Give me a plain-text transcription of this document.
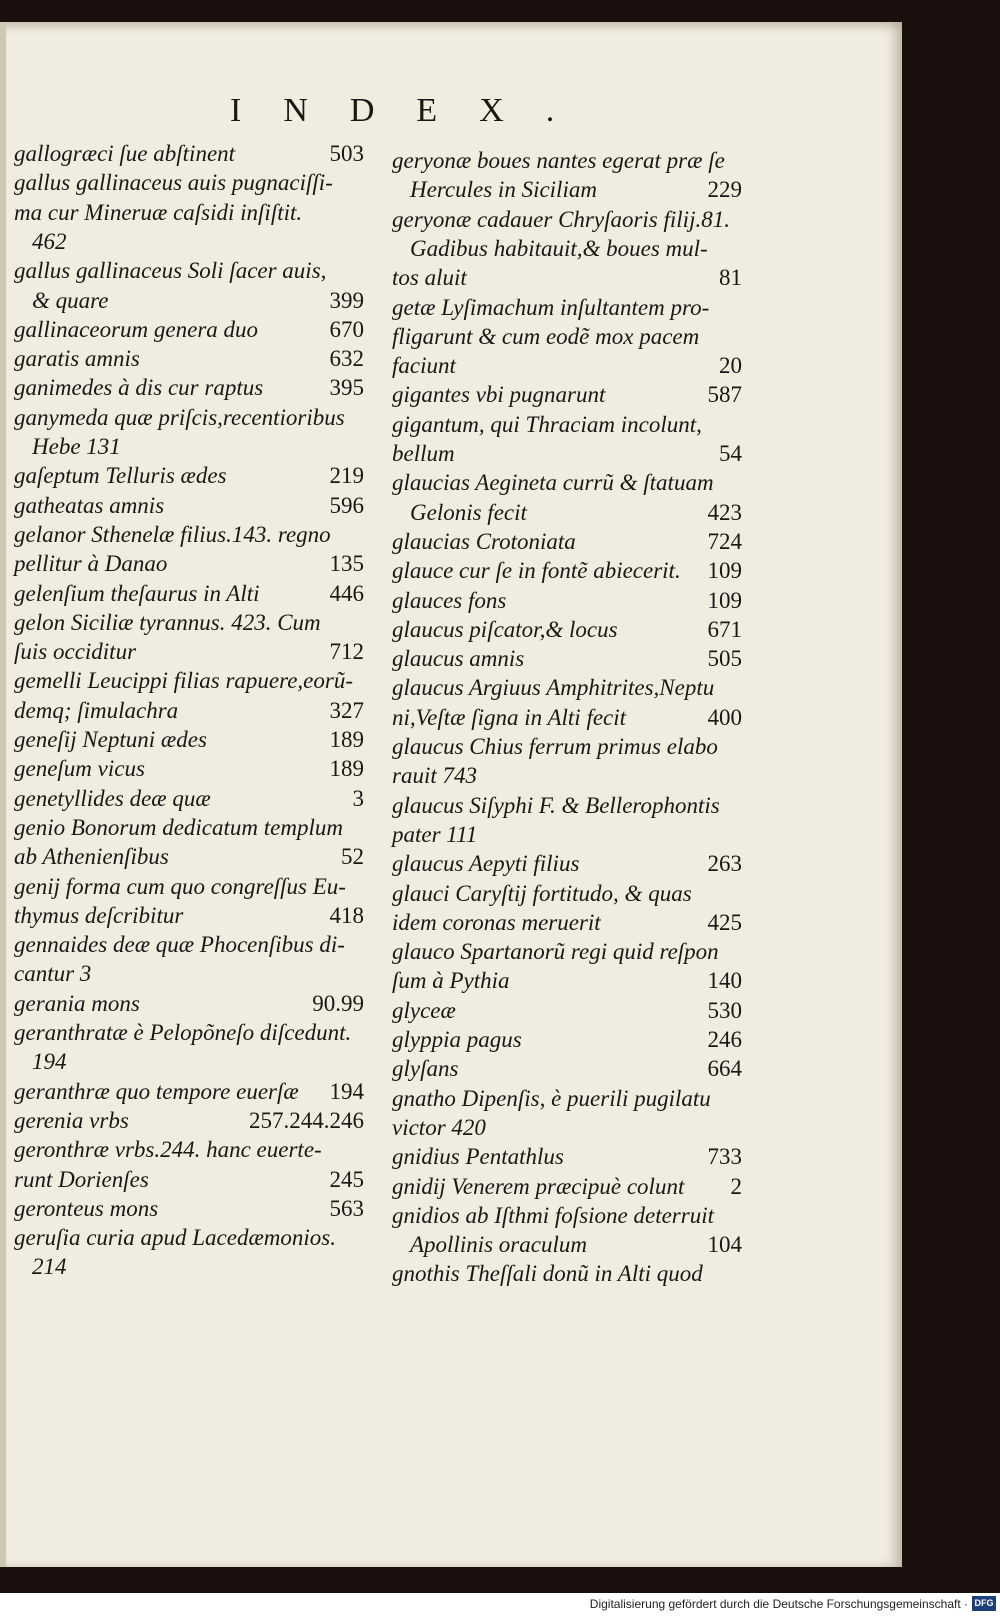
INDEX.
gallogræci ſue abſtinent	503
gallus gallinaceus auis pugnaciſſi-
ma cur Mineruæ caſsidi inſiſtit.
462
gallus gallinaceus Soli ſacer auis,
& quare	399
gallinaceorum genera duo	670
garatis amnis	632
ganimedes à dis cur raptus	395
ganymeda quæ priſcis,recentioribus
Hebe 131
gaſeptum Telluris ædes	219
gatheatas amnis	596
gelanor Sthenelæ filius.143. regno
pellitur à Danao	135
gelenſium theſaurus in Alti	446
gelon Siciliæ tyrannus. 423. Cum
ſuis occiditur	712
gemelli Leucippi filias rapuere,eorũ-
demq; ſimulachra	327
geneſij Neptuni ædes	189
geneſum vicus	189
genetyllides deæ quæ	3
genio Bonorum dedicatum templum
ab Athenienſibus	52
genij forma cum quo congreſſus Eu-
thymus deſcribitur	418
gennaides deæ quæ Phocenſibus di-
cantur 3
gerania mons	90.99
geranthratæ è Pelopõneſo diſcedunt.
194
geranthræ quo tempore euerſæ 194
gerenia vrbs	257.244.246
geronthræ vrbs.244. hanc euerte-
runt Dorienſes	245
geronteus mons	563
geruſia curia apud Lacedæmonios.
214
geryonæ boues nantes egerat præ ſe
Hercules in Siciliam	229
geryonæ cadauer Chryſaoris filij.81.
Gadibus habitauit,& boues mul-
tos aluit	81
getæ Lyſimachum inſultantem pro-
fligarunt & cum eodẽ mox pacem
faciunt	20
gigantes vbi pugnarunt	587
gigantum, qui Thraciam incolunt,
bellum	54
glaucias Aegineta currũ & ſtatuam
Gelonis fecit	423
glaucias Crotoniata	724
glauce cur ſe in fontẽ abiecerit. 109
glauces fons	109
glaucus piſcator,& locus	671
glaucus amnis	505
glaucus Argiuus Amphitrites,Neptu
ni,Veſtæ ſigna in Alti fecit	400
glaucus Chius ferrum primus elabo
rauit 743
glaucus Siſyphi F. & Bellerophontis
pater 111
glaucus Aepyti filius	263
glauci Caryſtij fortitudo, & quas
idem coronas meruerit	425
glauco Spartanorũ regi quid reſpon
ſum à Pythia	140
glyceæ	530
glyppia pagus	246
glyſans	664
gnatho Dipenſis, è puerili pugilatu
victor 420
gnidius Pentathlus	733
gnidij Venerem præcipuè colunt 2
gnidios ab Iſthmi foſsione deterruit
Apollinis oraculum	104
gnothis Theſſali donũ in Alti quod
Digitalisierung gefördert durch die Deutsche Forschungsgemeinschaft · DFG
